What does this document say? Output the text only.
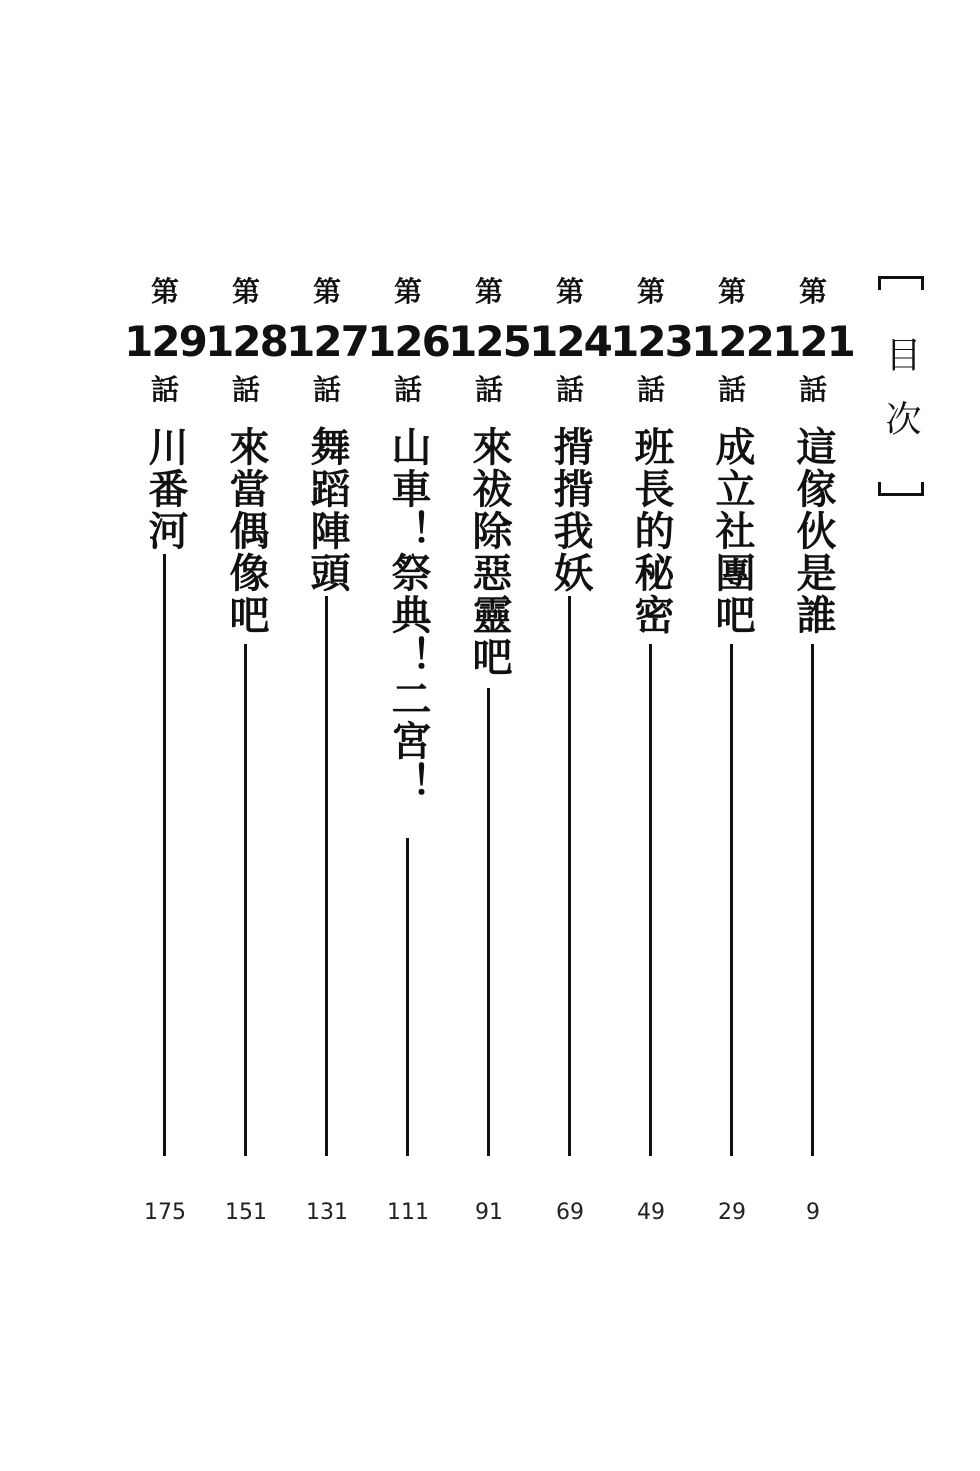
目次
第
121
話
這傢伙是誰
9
第
122
話
成立社團吧
29
第
123
話
班長的秘密
49
第
124
話
揹揹我妖
69
第
125
話
來祓除惡靈吧
91
第
126
話
山車！祭典！二宮！
111
第
127
話
舞蹈陣頭
131
第
128
話
來當偶像吧
151
第
129
話
川番河
175
